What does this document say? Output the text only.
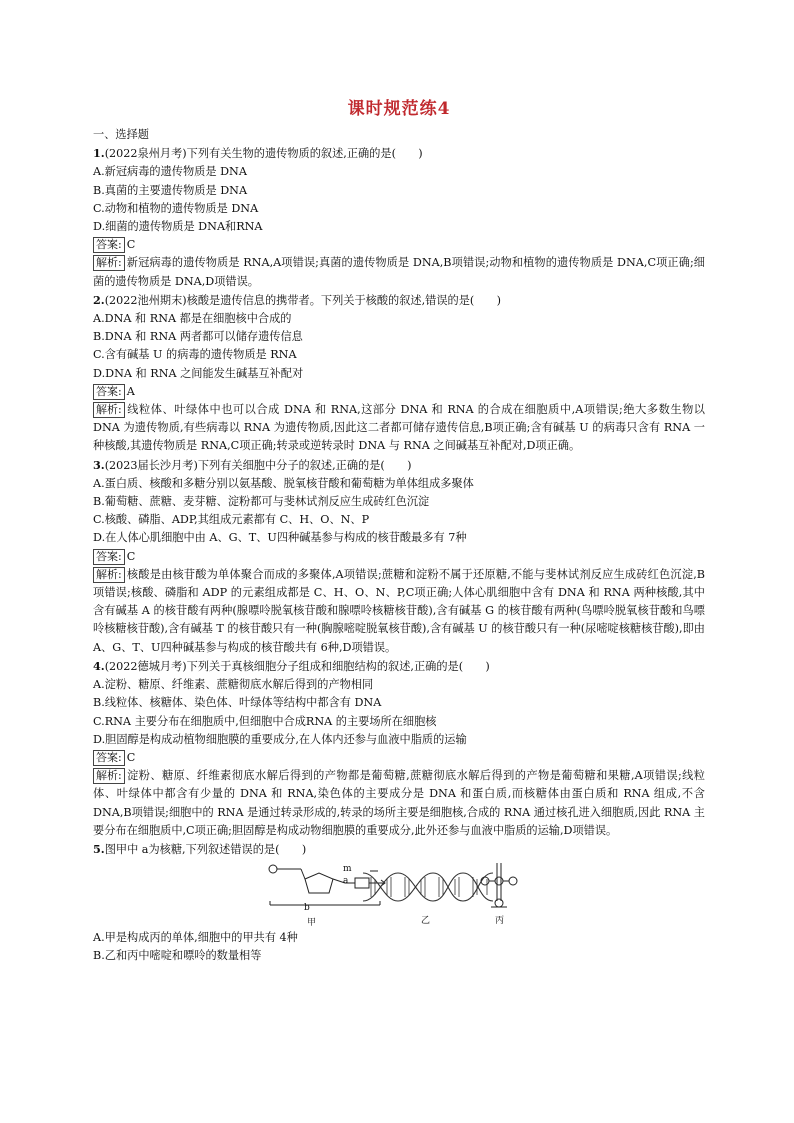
课时规范练4
一、选择题
1.(2022泉州月考)下列有关生物的遗传物质的叙述,正确的是(　　)
A.新冠病毒的遗传物质是 DNA
B.真菌的主要遗传物质是 DNA
C.动物和植物的遗传物质是 DNA
D.细菌的遗传物质是 DNA和RNA
答案: C
解析: 新冠病毒的遗传物质是 RNA,A项错误;真菌的遗传物质是 DNA,B项错误;动物和植物的遗传物质是 DNA,C项正确;细菌的遗传物质是 DNA,D项错误。
2.(2022池州期末)核酸是遗传信息的携带者。下列关于核酸的叙述,错误的是(　　)
A.DNA 和 RNA 都是在细胞核中合成的
B.DNA 和 RNA 两者都可以储存遗传信息
C.含有碱基 U 的病毒的遗传物质是 RNA
D.DNA 和 RNA 之间能发生碱基互补配对
答案: A
解析: 线粒体、叶绿体中也可以合成 DNA 和 RNA,这部分 DNA 和 RNA 的合成在细胞质中,A项错误;绝大多数生物以 DNA 为遗传物质,有些病毒以 RNA 为遗传物质,因此这二者都可储存遗传信息,B项正确;含有碱基 U 的病毒只含有 RNA 一种核酸,其遗传物质是 RNA,C项正确;转录或逆转录时 DNA 与 RNA 之间碱基互补配对,D项正确。
3.(2023届长沙月考)下列有关细胞中分子的叙述,正确的是(　　)
A.蛋白质、核酸和多糖分别以氨基酸、脱氧核苷酸和葡萄糖为单体组成多聚体
B.葡萄糖、蔗糖、麦芽糖、淀粉都可与斐林试剂反应生成砖红色沉淀
C.核酸、磷脂、ADP,其组成元素都有 C、H、O、N、P
D.在人体心肌细胞中由 A、G、T、U四种碱基参与构成的核苷酸最多有 7种
答案: C
解析: 核酸是由核苷酸为单体聚合而成的多聚体,A项错误;蔗糖和淀粉不属于还原糖,不能与斐林试剂反应生成砖红色沉淀,B项错误;核酸、磷脂和 ADP 的元素组成都是 C、H、O、N、P,C项正确;人体心肌细胞中含有 DNA 和 RNA 两种核酸,其中含有碱基 A 的核苷酸有两种(腺嘌呤脱氧核苷酸和腺嘌呤核糖核苷酸),含有碱基 G 的核苷酸有两种(鸟嘌呤脱氧核苷酸和鸟嘌呤核糖核苷酸),含有碱基 T 的核苷酸只有一种(胸腺嘧啶脱氧核苷酸),含有碱基 U 的核苷酸只有一种(尿嘧啶核糖核苷酸),即由 A、G、T、U四种碱基参与构成的核苷酸共有 6种,D项错误。
4.(2022德城月考)下列关于真核细胞分子组成和细胞结构的叙述,正确的是(　　)
A.淀粉、糖原、纤维素、蔗糖彻底水解后得到的产物相同
B.线粒体、核糖体、染色体、叶绿体等结构中都含有 DNA
C.RNA 主要分布在细胞质中,但细胞中合成RNA 的主要场所在细胞核
D.胆固醇是构成动植物细胞膜的重要成分,在人体内还参与血液中脂质的运输
答案: C
解析: 淀粉、糖原、纤维素彻底水解后得到的产物都是葡萄糖,蔗糖彻底水解后得到的产物是葡萄糖和果糖,A项错误;线粒体、叶绿体中都含有少量的 DNA 和 RNA,染色体的主要成分是 DNA 和蛋白质,而核糖体由蛋白质和 RNA 组成,不含 DNA,B项错误;细胞中的 RNA 是通过转录形成的,转录的场所主要是细胞核,合成的 RNA 通过核孔进入细胞质,因此 RNA 主要分布在细胞质中,C项正确;胆固醇是构成动物细胞膜的重要成分,此外还参与血液中脂质的运输,D项错误。
5.图甲中 a为核糖,下列叙述错误的是(　　)
m
a
b
甲	乙	丙
A.甲是构成丙的单体,细胞中的甲共有 4种
B.乙和丙中嘧啶和嘌呤的数量相等
